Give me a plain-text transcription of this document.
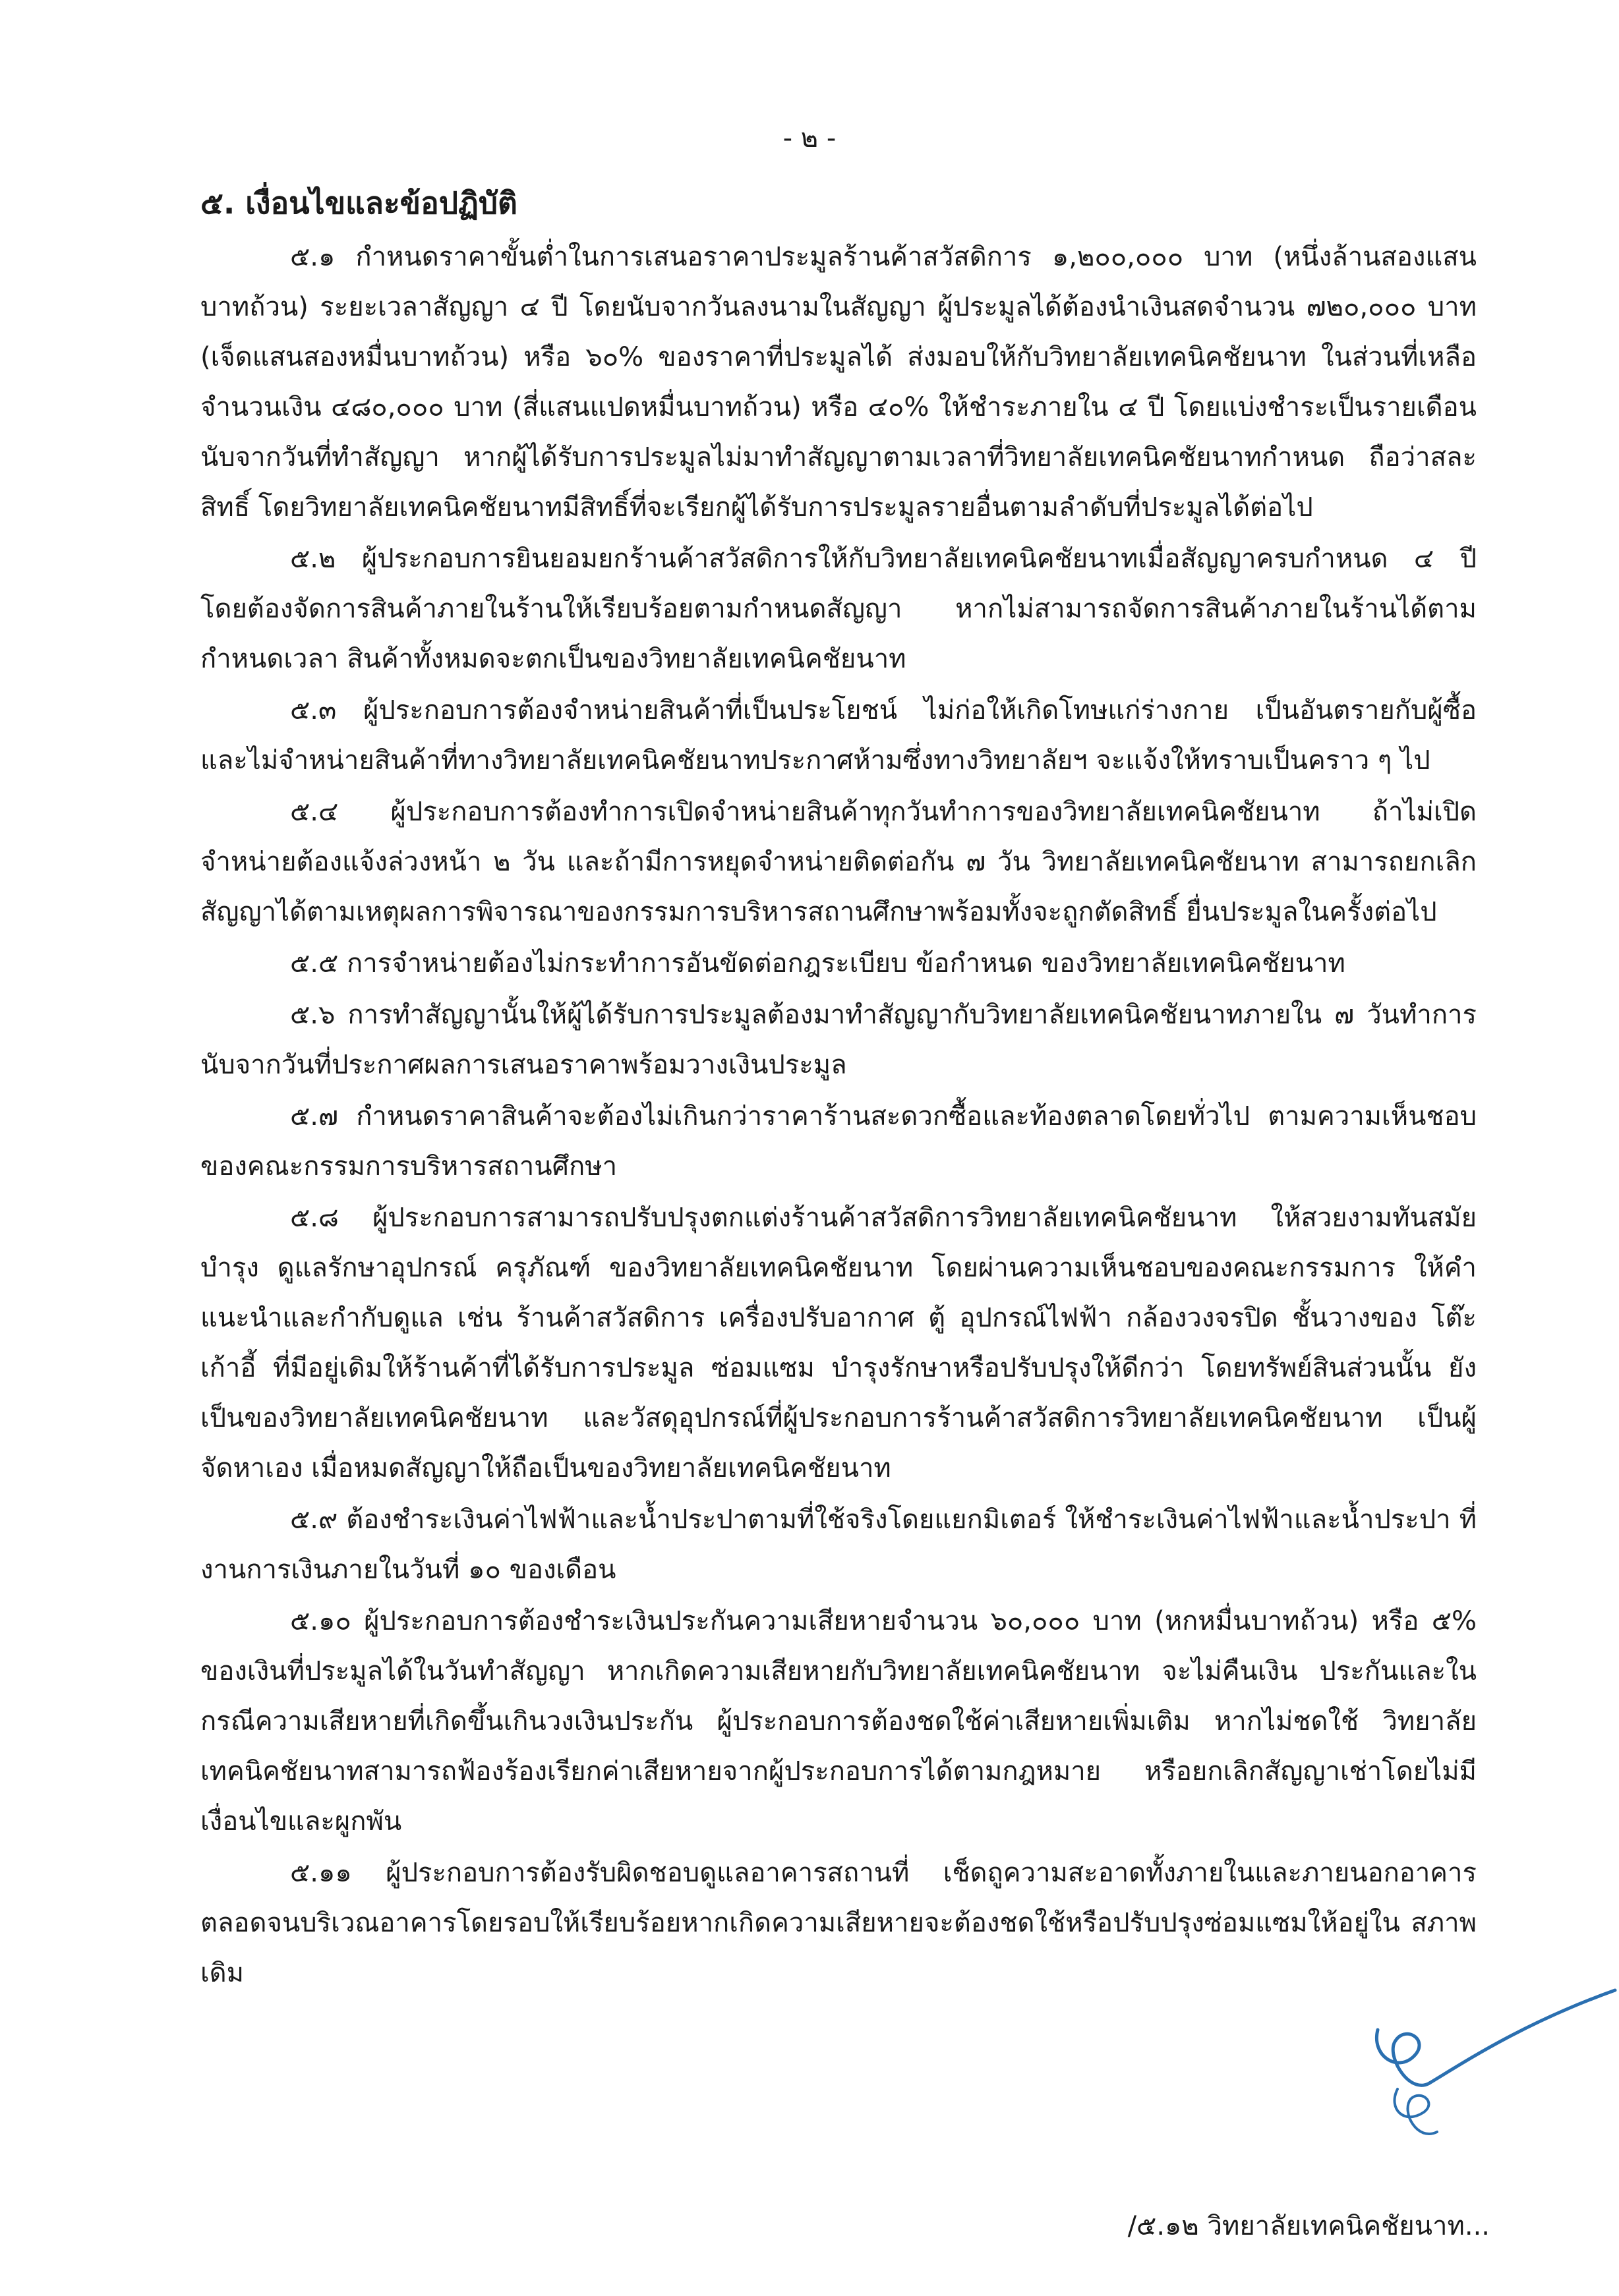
- ๒ -
๕. เงื่อนไขและข้อปฏิบัติ

๕.๑ กำหนดราคาขั้นต่ำในการเสนอราคาประมูลร้านค้าสวัสดิการ ๑,๒๐๐,๐๐๐ บาท (หนึ่งล้านสองแสนบาทถ้วน) ระยะเวลาสัญญา ๔ ปี โดยนับจากวันลงนามในสัญญา ผู้ประมูลได้ต้องนำเงินสดจำนวน ๗๒๐,๐๐๐ บาท (เจ็ดแสนสองหมื่นบาทถ้วน) หรือ ๖๐% ของราคาที่ประมูลได้ ส่งมอบให้กับวิทยาลัยเทคนิคชัยนาท ในส่วนที่เหลือจำนวนเงิน ๔๘๐,๐๐๐ บาท (สี่แสนแปดหมื่นบาทถ้วน) หรือ ๔๐% ให้ชำระภายใน ๔ ปี โดยแบ่งชำระเป็นรายเดือนนับจากวันที่ทำสัญญา หากผู้ได้รับการประมูลไม่มาทำสัญญาตามเวลาที่วิทยาลัยเทคนิคชัยนาทกำหนด ถือว่าสละสิทธิ์ โดยวิทยาลัยเทคนิคชัยนาทมีสิทธิ์ที่จะเรียกผู้ได้รับการประมูลรายอื่นตามลำดับที่ประมูลได้ต่อไป

๕.๒ ผู้ประกอบการยินยอมยกร้านค้าสวัสดิการให้กับวิทยาลัยเทคนิคชัยนาทเมื่อสัญญาครบกำหนด ๔ ปี โดยต้องจัดการสินค้าภายในร้านให้เรียบร้อยตามกำหนดสัญญา หากไม่สามารถจัดการสินค้าภายในร้านได้ตามกำหนดเวลา สินค้าทั้งหมดจะตกเป็นของวิทยาลัยเทคนิคชัยนาท

๕.๓ ผู้ประกอบการต้องจำหน่ายสินค้าที่เป็นประโยชน์ ไม่ก่อให้เกิดโทษแก่ร่างกาย เป็นอันตรายกับผู้ซื้อ และไม่จำหน่ายสินค้าที่ทางวิทยาลัยเทคนิคชัยนาทประกาศห้ามซึ่งทางวิทยาลัยฯ จะแจ้งให้ทราบเป็นคราว ๆ ไป

๕.๔ ผู้ประกอบการต้องทำการเปิดจำหน่ายสินค้าทุกวันทำการของวิทยาลัยเทคนิคชัยนาท ถ้าไม่เปิดจำหน่ายต้องแจ้งล่วงหน้า ๒ วัน และถ้ามีการหยุดจำหน่ายติดต่อกัน ๗ วัน วิทยาลัยเทคนิคชัยนาท สามารถยกเลิกสัญญาได้ตามเหตุผลการพิจารณาของกรรมการบริหารสถานศึกษาพร้อมทั้งจะถูกตัดสิทธิ์ ยื่นประมูลในครั้งต่อไป

๕.๕ การจำหน่ายต้องไม่กระทำการอันขัดต่อกฎระเบียบ ข้อกำหนด ของวิทยาลัยเทคนิคชัยนาท

๕.๖ การทำสัญญานั้นให้ผู้ได้รับการประมูลต้องมาทำสัญญากับวิทยาลัยเทคนิคชัยนาทภายใน ๗ วันทำการ นับจากวันที่ประกาศผลการเสนอราคาพร้อมวางเงินประมูล

๕.๗ กำหนดราคาสินค้าจะต้องไม่เกินกว่าราคาร้านสะดวกซื้อและท้องตลาดโดยทั่วไป ตามความเห็นชอบของคณะกรรมการบริหารสถานศึกษา

๕.๘ ผู้ประกอบการสามารถปรับปรุงตกแต่งร้านค้าสวัสดิการวิทยาลัยเทคนิคชัยนาท ให้สวยงามทันสมัย บำรุง ดูแลรักษาอุปกรณ์ ครุภัณฑ์ ของวิทยาลัยเทคนิคชัยนาท โดยผ่านความเห็นชอบของคณะกรรมการ ให้คำแนะนำและกำกับดูแล เช่น ร้านค้าสวัสดิการ เครื่องปรับอากาศ ตู้ อุปกรณ์ไฟฟ้า กล้องวงจรปิด ชั้นวางของ โต๊ะ เก้าอี้ ที่มีอยู่เดิมให้ร้านค้าที่ได้รับการประมูล ซ่อมแซม บำรุงรักษาหรือปรับปรุงให้ดีกว่า โดยทรัพย์สินส่วนนั้น ยังเป็นของวิทยาลัยเทคนิคชัยนาท และวัสดุอุปกรณ์ที่ผู้ประกอบการร้านค้าสวัสดิการวิทยาลัยเทคนิคชัยนาท เป็นผู้จัดหาเอง เมื่อหมดสัญญาให้ถือเป็นของวิทยาลัยเทคนิคชัยนาท

๕.๙ ต้องชำระเงินค่าไฟฟ้าและน้ำประปาตามที่ใช้จริงโดยแยกมิเตอร์ ให้ชำระเงินค่าไฟฟ้าและน้ำประปา ที่งานการเงินภายในวันที่ ๑๐ ของเดือน

๕.๑๐ ผู้ประกอบการต้องชำระเงินประกันความเสียหายจำนวน ๖๐,๐๐๐ บาท (หกหมื่นบาทถ้วน) หรือ ๕% ของเงินที่ประมูลได้ในวันทำสัญญา หากเกิดความเสียหายกับวิทยาลัยเทคนิคชัยนาท จะไม่คืนเงิน ประกันและในกรณีความเสียหายที่เกิดขึ้นเกินวงเงินประกัน ผู้ประกอบการต้องชดใช้ค่าเสียหายเพิ่มเติม หากไม่ชดใช้ วิทยาลัยเทคนิคชัยนาทสามารถฟ้องร้องเรียกค่าเสียหายจากผู้ประกอบการได้ตามกฎหมาย หรือยกเลิกสัญญาเช่าโดยไม่มีเงื่อนไขและผูกพัน

๕.๑๑ ผู้ประกอบการต้องรับผิดชอบดูแลอาคารสถานที่ เช็ดถูความสะอาดทั้งภายในและภายนอกอาคาร ตลอดจนบริเวณอาคารโดยรอบให้เรียบร้อยหากเกิดความเสียหายจะต้องชดใช้หรือปรับปรุงซ่อมแซมให้อยู่ใน สภาพเดิม

/๕.๑๒ วิทยาลัยเทคนิคชัยนาท...
